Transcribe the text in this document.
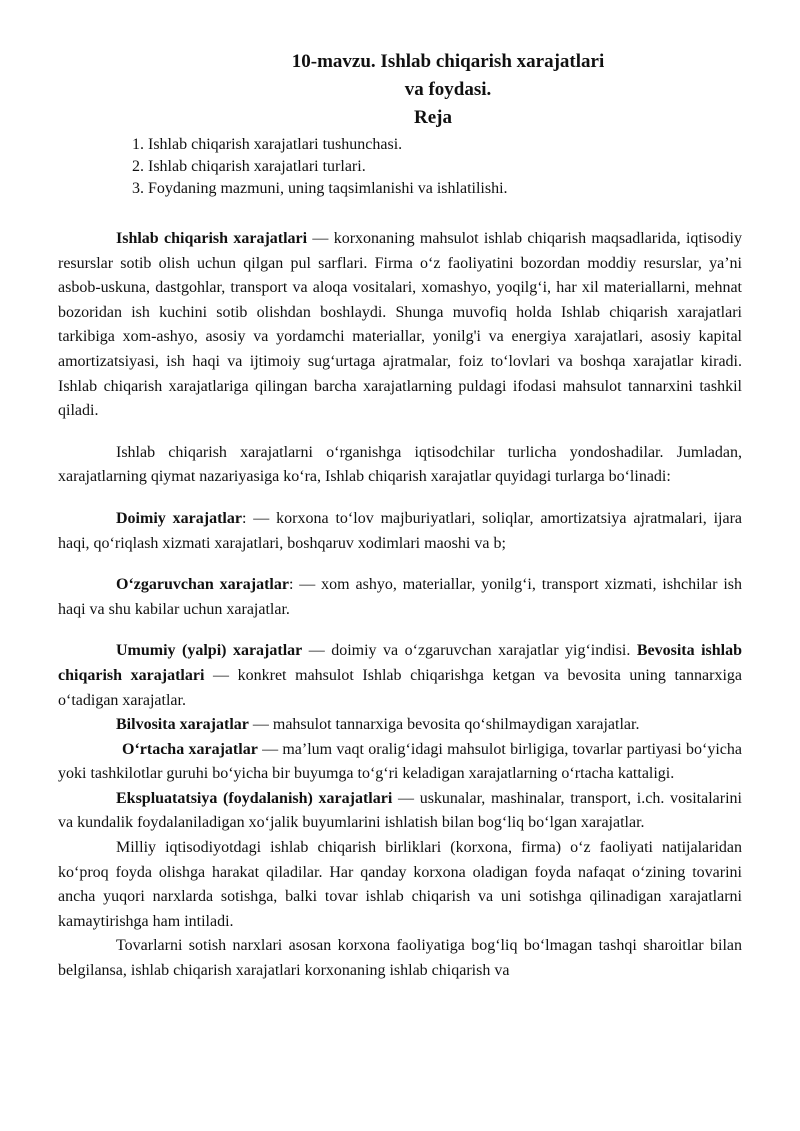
10-mavzu. Ishlab chiqarish xarajatlari
va foydasi.
Reja
1. Ishlab chiqarish xarajatlari tushunchasi.
2. Ishlab chiqarish xarajatlari turlari.
3. Foydaning mazmuni, uning taqsimlanishi va ishlatilishi.

Ishlab chiqarish xarajatlari — korxonaning mahsulot ishlab chiqarish maqsadlarida, iqtisodiy resurslar sotib olish uchun qilgan pul sarflari. Firma oʻz faoliyatini bozordan moddiy resurslar, yaʼni asbob-uskuna, dastgohlar, transport va aloqa vositalari, xomashyo, yoqilgʻi, har xil materiallarni, mehnat bozoridan ish kuchini sotib olishdan boshlaydi. Shunga muvofiq holda Ishlab chiqarish xarajatlari tarkibiga xom-ashyo, asosiy va yordamchi materiallar, yonilg'i va energiya xarajatlari, asosiy kapital amortizatsiyasi, ish haqi va ijtimoiy sugʻurtaga ajratmalar, foiz toʻlovlari va boshqa xarajatlar kiradi. Ishlab chiqarish xarajatlariga qilingan barcha xarajatlarning puldagi ifodasi mahsulot tannarxini tashkil qiladi.

Ishlab chiqarish xarajatlarni oʻrganishga iqtisodchilar turlicha yondoshadilar. Jumladan, xarajatlarning qiymat nazariyasiga koʻra, Ishlab chiqarish xarajatlar quyidagi turlarga boʻlinadi:

Doimiy xarajatlar: — korxona toʻlov majburiyatlari, soliqlar, amortizatsiya ajratmalari, ijara haqi, qoʻriqlash xizmati xarajatlari, boshqaruv xodimlari maoshi va b;

Oʻzgaruvchan xarajatlar: — xom ashyo, materiallar, yonilgʻi, transport xizmati, ishchilar ish haqi va shu kabilar uchun xarajatlar.

Umumiy (yalpi) xarajatlar — doimiy va oʻzgaruvchan xarajatlar yigʻindisi. Bevosita ishlab chiqarish xarajatlari — konkret mahsulot Ishlab chiqarishga ketgan va bevosita uning tannarxiga oʻtadigan xarajatlar.

Bilvosita xarajatlar — mahsulot tannarxiga bevosita qoʻshilmaydigan xarajatlar.

Oʻrtacha xarajatlar — maʼlum vaqt oraligʻidagi mahsulot birligiga, tovarlar partiyasi boʻyicha yoki tashkilotlar guruhi boʻyicha bir buyumga toʻgʻri keladigan xarajatlarning oʻrtacha kattaligi.

Ekspluatatsiya (foydalanish) xarajatlari — uskunalar, mashinalar, transport, i.ch. vositalarini va kundalik foydalaniladigan xoʻjalik buyumlarini ishlatish bilan bogʻliq boʻlgan xarajatlar.

Milliy iqtisodiyotdagi ishlab chiqarish birliklari (korxona, firma) oʻz faoliyati natijalaridan koʻproq foyda olishga harakat qiladilar. Har qanday korxona oladigan foyda nafaqat oʻzining tovarini ancha yuqori narxlarda sotishga, balki tovar ishlab chiqarish va uni sotishga qilinadigan xarajatlarni kamaytirishga ham intiladi.

Tovarlarni sotish narxlari asosan korxona faoliyatiga bogʻliq boʻlmagan tashqi sharoitlar bilan belgilansa, ishlab chiqarish xarajatlari korxonaning ishlab chiqarish va
